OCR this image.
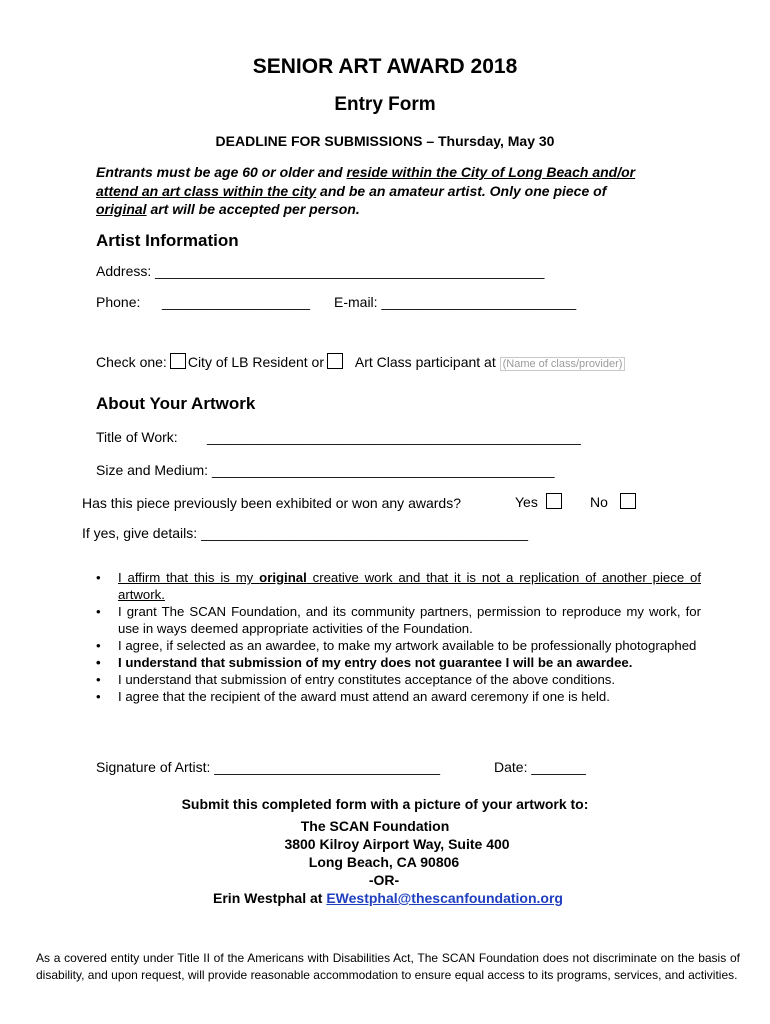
SENIOR ART AWARD 2018
Entry Form
DEADLINE FOR SUBMISSIONS – Thursday, May 30
Entrants must be age 60 or older and reside within the City of Long Beach and/or attend an art class within the city and be an amateur artist. Only one piece of original art will be accepted per person.
Artist Information
Address: __________________________________________________
Phone: ___________________ E-mail: _________________________
Check one: City of LB Resident or Art Class participant at (Name of class/provider)
About Your Artwork
Title of Work: ________________________________________________
Size and Medium: ____________________________________________
Has this piece previously been exhibited or won any awards?	Yes	No
If yes, give details: __________________________________________
• I affirm that this is my original creative work and that it is not a replication of another piece of artwork.
• I grant The SCAN Foundation, and its community partners, permission to reproduce my work, for use in ways deemed appropriate activities of the Foundation.
• I agree, if selected as an awardee, to make my artwork available to be professionally photographed
• I understand that submission of my entry does not guarantee I will be an awardee.
• I understand that submission of entry constitutes acceptance of the above conditions.
• I agree that the recipient of the award must attend an award ceremony if one is held.
Signature of Artist: _____________________________	Date: _______
Submit this completed form with a picture of your artwork to:
The SCAN Foundation
3800 Kilroy Airport Way, Suite 400
Long Beach, CA 90806
-OR-
Erin Westphal at EWestphal@thescanfoundation.org
As a covered entity under Title II of the Americans with Disabilities Act, The SCAN Foundation does not discriminate on the basis of disability, and upon request, will provide reasonable accommodation to ensure equal access to its programs, services, and activities.
